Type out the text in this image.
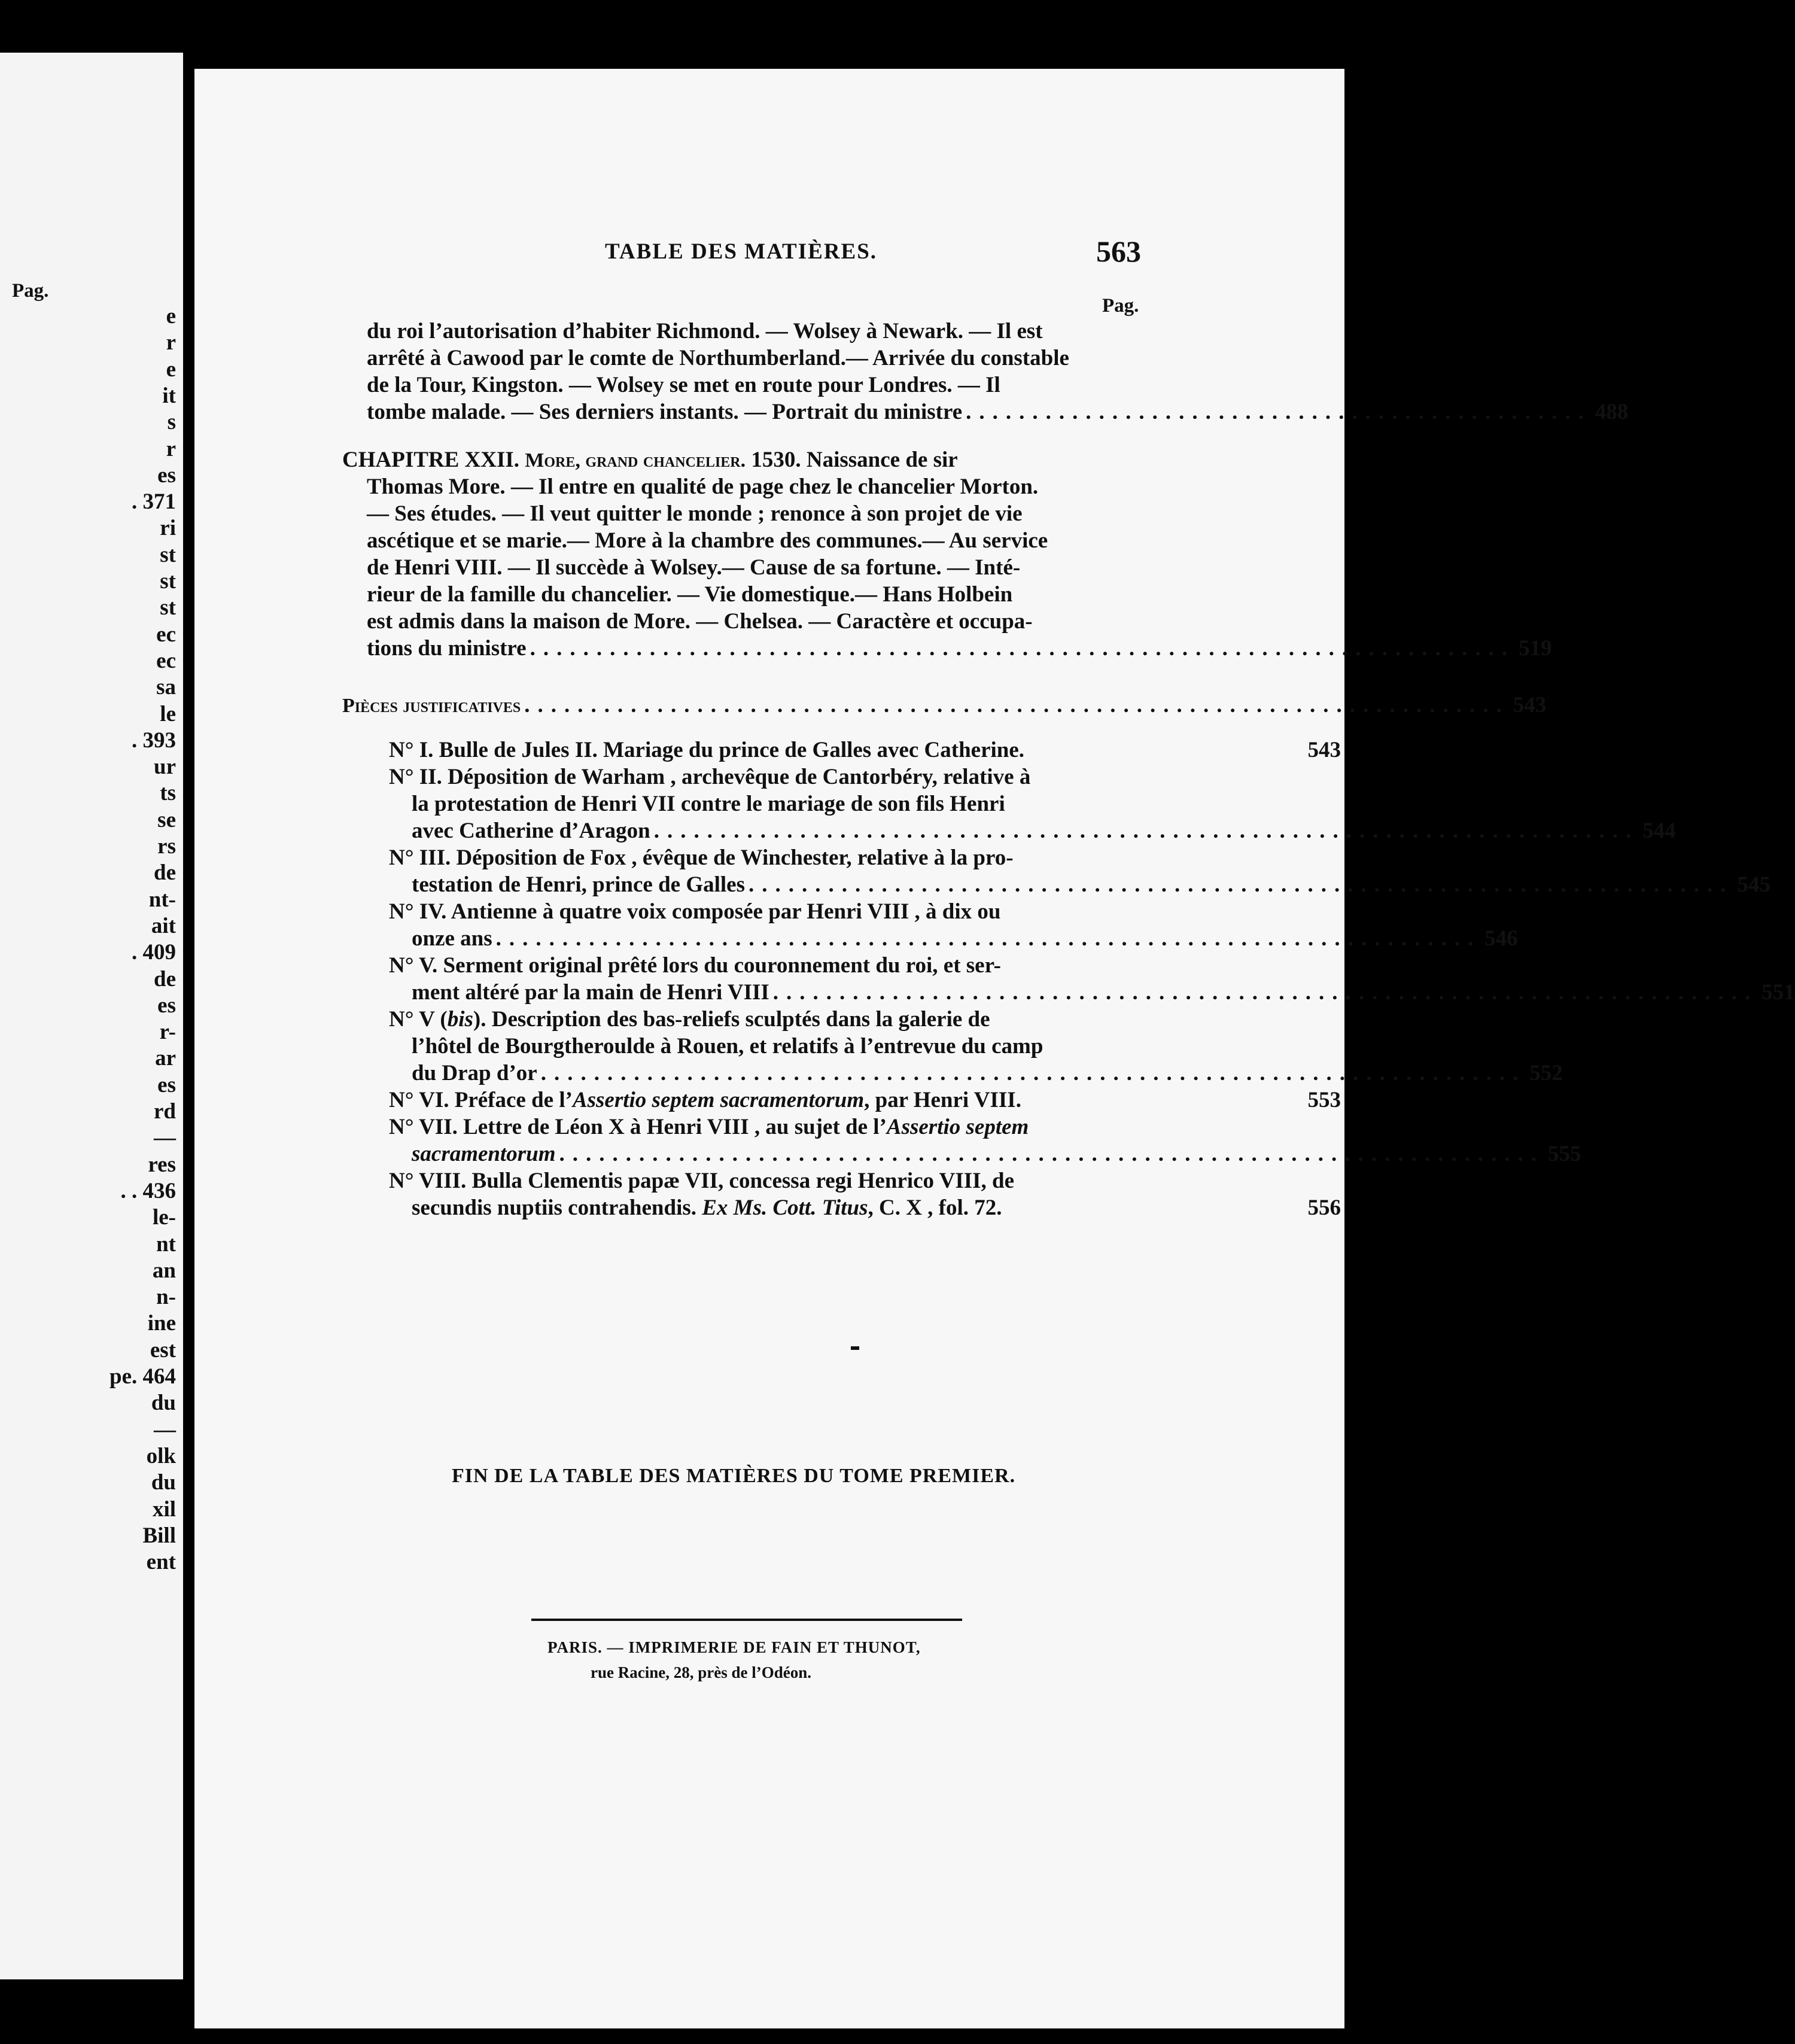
e
r
e
it
s
r
es
. 371
ri
st
st
st
ec
ec
sa
le
. 393
ur
ts
se
rs
de
nt-
ait
. 409
de
es
r-
ar
es
rd
—
res
. . 436
le-
nt
an
n-
ine
est
pe. 464
du
—
olk
du
xil
Bill
ent
Pag.
TABLE DES MATIÈRES.	563
Pag.
du roi l’autorisation d’habiter Richmond. — Wolsey à Newark. — Il est
arrêté à Cawood par le comte de Northumberland.— Arrivée du constable
de la Tour, Kingston. — Wolsey se met en route pour Londres. — Il
tombe malade. — Ses derniers instants. — Portrait du ministre ............................................... 488
CHAPITRE XXII. More, grand chancelier. 1530. Naissance de sir
Thomas More. — Il entre en qualité de page chez le chancelier Morton.
— Ses études. — Il veut quitter le monde ; renonce à son projet de vie
ascétique et se marie.— More à la chambre des communes.— Au service
de Henri VIII. — Il succède à Wolsey.— Cause de sa fortune. — Inté-
rieur de la famille du chancelier. — Vie domestique.— Hans Holbein
est admis dans la maison de More. — Chelsea. — Caractère et occupa-
tions du ministre .......................................................................... 519
Pièces justificatives .......................................................................... 543
N° I. Bulle de Jules II. Mariage du prince de Galles avec Catherine.	543
N° II. Déposition de Warham , archevêque de Cantorbéry, relative à
la protestation de Henri VII contre le mariage de son fils Henri
avec Catherine d’Aragon .......................................................................... 544
N° III. Déposition de Fox , évêque de Winchester, relative à la pro-
testation de Henri, prince de Galles .......................................................................... 545
N° IV. Antienne à quatre voix composée par Henri VIII , à dix ou
onze ans .......................................................................... 546
N° V. Serment original prêté lors du couronnement du roi, et ser-
ment altéré par la main de Henri VIII .......................................................................... 551
N° V (bis). Description des bas-reliefs sculptés dans la galerie de
l’hôtel de Bourgtheroulde à Rouen, et relatifs à l’entrevue du camp
du Drap d’or .......................................................................... 552
N° VI. Préface de l’Assertio septem sacramentorum, par Henri VIII.	553
N° VII. Lettre de Léon X à Henri VIII , au sujet de l’Assertio septem
sacramentorum .......................................................................... 555
N° VIII. Bulla Clementis papæ VII, concessa regi Henrico VIII, de
secundis nuptiis contrahendis. Ex Ms. Cott. Titus, C. X , fol. 72.	556
FIN DE LA TABLE DES MATIÈRES DU TOME PREMIER.
PARIS. — IMPRIMERIE DE FAIN ET THUNOT,
rue Racine, 28, près de l’Odéon.
